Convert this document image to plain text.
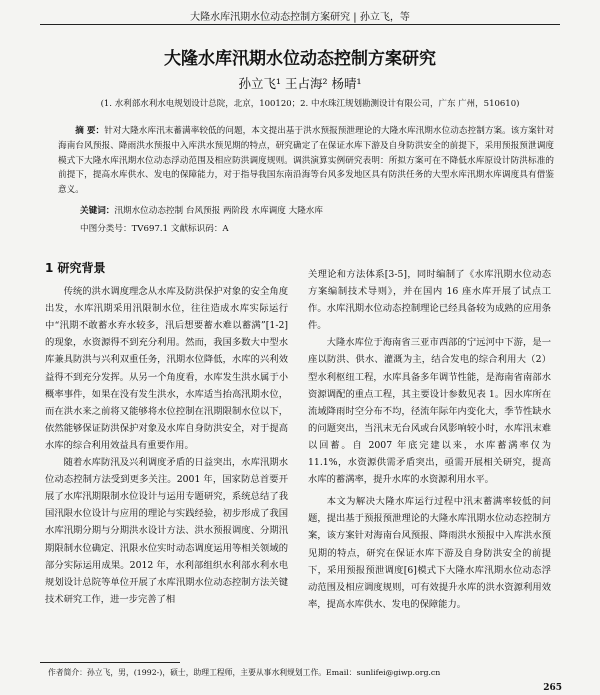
大隆水库汛期水位动态控制方案研究 | 孙立飞，等
大隆水库汛期水位动态控制方案研究
孙立飞¹ 王占海² 杨晴¹
(1. 水利部水利水电规划设计总院，北京，100120；2. 中水珠江规划勘测设计有限公司，广东 广州，510610)

摘 要：针对大隆水库汛末蓄满率较低的问题，本文提出基于洪水预报预泄理论的大隆水库汛期水位动态控制方案。该方案针对海南台风预报、降雨洪水预报中入库洪水预见期的特点，研究确定了在保证水库下游及自身防洪安全的前提下，采用预报预泄调度模式下大隆水库汛期水位动态浮动范围及相应防洪调度规则。调洪演算实例研究表明：所拟方案可在不降低水库原设计防洪标准的前提下，提高水库供水、发电的保障能力，对于指导我国东南沿海等台风多发地区具有防洪任务的大型水库汛期水库调度具有借鉴意义。

关键词：汛期水位动态控制 台风预报 两阶段 水库调度 大隆水库
中图分类号：TV697.1 文献标识码：A
1 研究背景

传统的洪水调度理念从水库及防洪保护对象的安全角度出发，水库汛期采用汛限制水位，往往造成水库实际运行中“汛期不敢蓄水弃水较多，汛后想要蓄水难以蓄满”[1-2]的现象，水资源得不到充分利用。然而，我国多数大中型水库兼具防洪与兴利双重任务，汛期水位降低，水库的兴利效益得不到充分发挥。从另一个角度看，水库发生洪水属于小概率事件，如果在没有发生洪水，水库适当抬高汛期水位，而在洪水来之前将又能够将水位控制在汛期限制水位以下，依然能够保证防洪保护对象及水库自身防洪安全，对于提高水库的综合利用效益具有重要作用。

随着水库防汛及兴利调度矛盾的日益突出，水库汛期水位动态控制方法受到更多关注。2001 年，国家防总首要开展了水库汛期限制水位设计与运用专题研究，系统总结了我国汛限水位设计与应用的理论与实践经验，初步形成了我国水库汛期分期与分期洪水设计方法、洪水预报调度、分期汛期限制水位确定、汛限水位实时动态调度运用等相关领域的部分实际运用成果。2012 年，水利部组织水利部水利水电规划设计总院等单位开展了水库汛期水位动态控制方法关键技术研究工作，进一步完善了相

关理论和方法体系[3-5]，同时编制了《水库汛期水位动态方案编制技术导则》，并在国内 16 座水库开展了试点工作。水库汛期水位动态控制理论已经具备较为成熟的应用条件。

大隆水库位于海南省三亚市西部的宁远河中下游，是一座以防洪、供水、灌溉为主，结合发电的综合利用大（2）型水利枢纽工程，水库具备多年调节性能，是海南省南部水资源调配的重点工程，其主要设计参数见表 1。因水库所在流域降雨时空分布不均，径流年际年内变化大，季节性缺水的问题突出，当汛末无台风或台风影响较小时，水库汛末难以回蓄。自 2007 年底完建以来，水库蓄满率仅为 11.1%，水资源供需矛盾突出，亟需开展相关研究，提高水库的蓄满率，提升水库的水资源利用水平。

本文为解决大隆水库运行过程中汛末蓄满率较低的问题，提出基于预报预泄理论的大隆水库汛期水位动态控制方案，该方案针对海南台风预报、降雨洪水预报中入库洪水预见期的特点，研究在保证水库下游及自身防洪安全的前提下，采用预报预泄调度[6]模式下大隆水库汛期水位动态浮动范围及相应调度规则，可有效提升水库的洪水资源利用效率，提高水库供水、发电的保障能力。

作者简介：孙立飞，男，(1992-)，硕士，助理工程师，主要从事水利规划工作。Email：sunlifei@giwp.org.cn
265
